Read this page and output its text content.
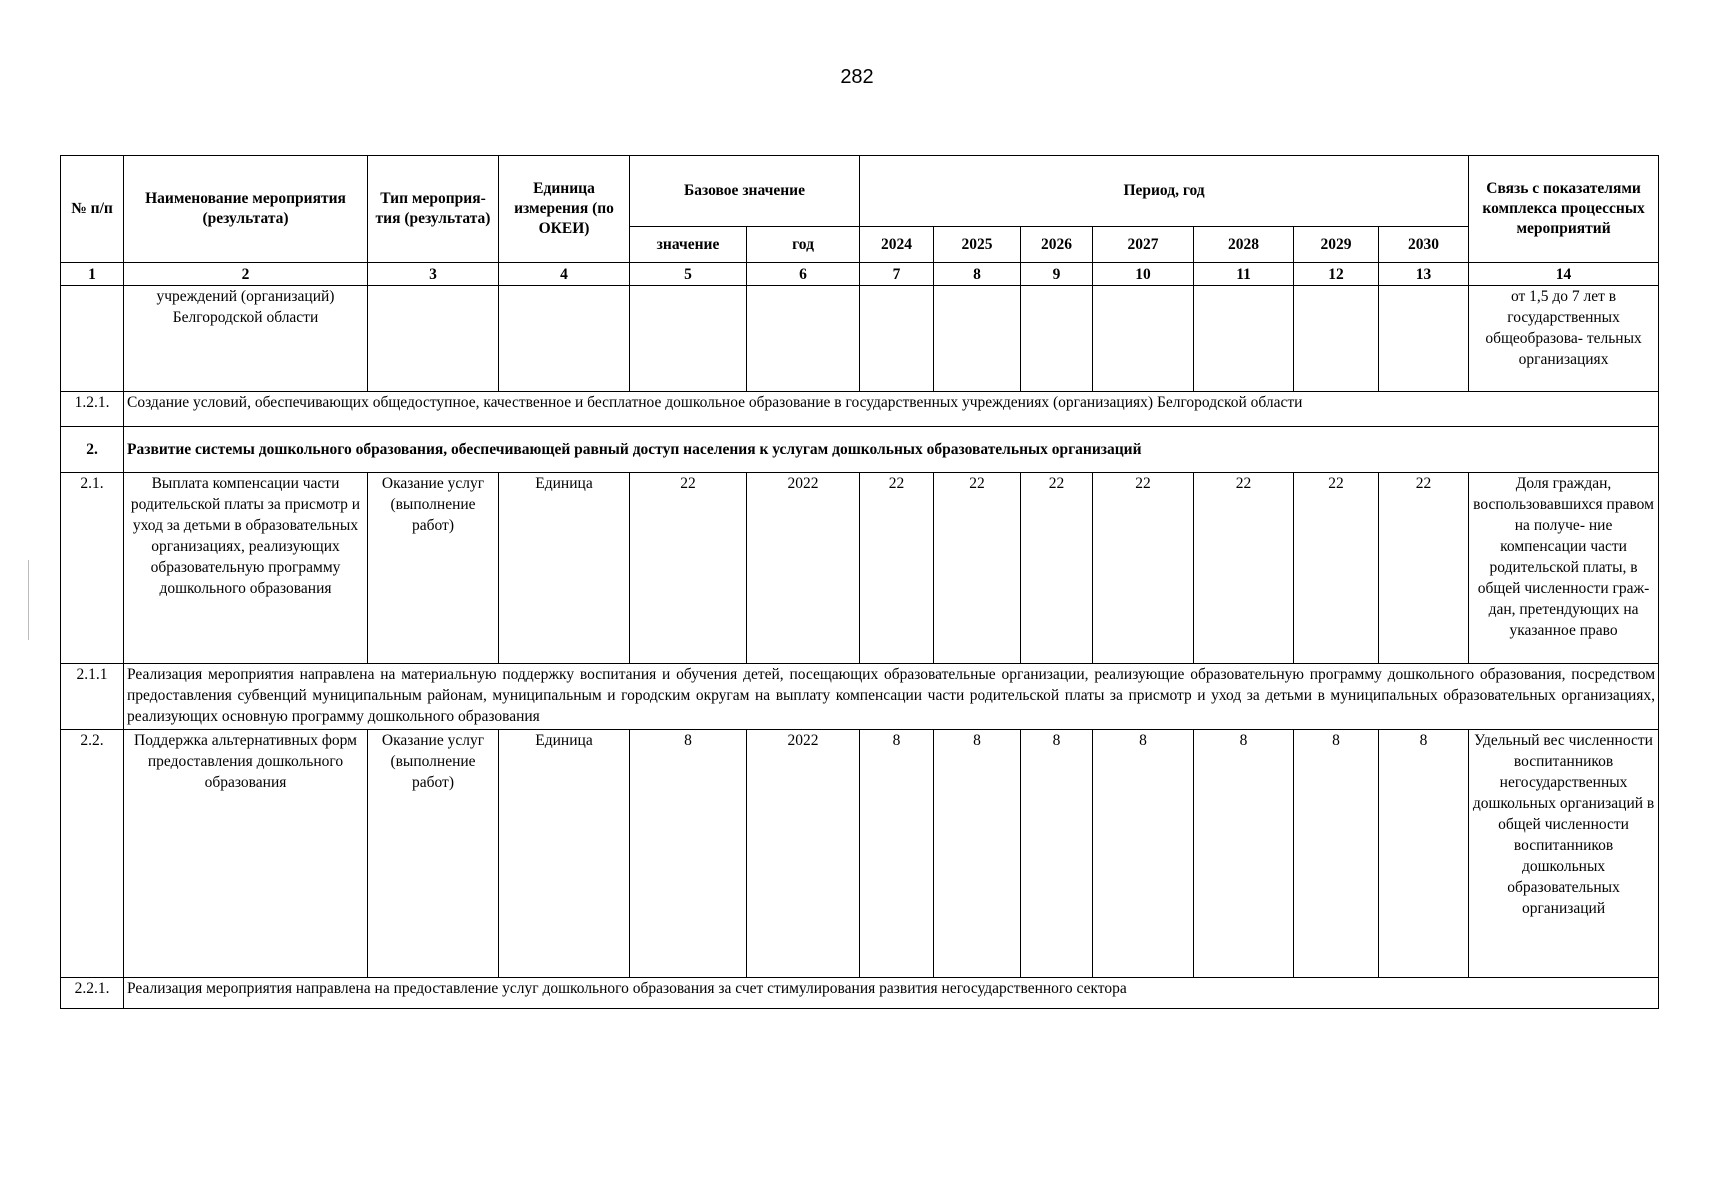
282
№ п/п	Наименование мероприятия (результата)	Тип мероприя- тия (результата)	Единица измерения (по ОКЕИ)	Базовое значение		Период, год							Связь с показателями комплекса процессных мероприятий
				значение	год	2024	2025	2026	2027	2028	2029	2030	
1	2	3	4	5	6	7	8	9	10	11	12	13	14
	учреждений (организаций) Белгородской области												от 1,5 до 7 лет в государственных общеобразова- тельных организациях
1.2.1.	Создание условий, обеспечивающих общедоступное, качественное и бесплатное дошкольное образование в государственных учреждениях (организациях) Белгородской области												
2.	Развитие системы дошкольного образования, обеспечивающей равный доступ населения к услугам дошкольных образовательных организаций												
2.1.	Выплата компенсации части родительской платы за присмотр и уход за детьми в образовательных организациях, реализующих образовательную программу дошкольного образования	Оказание услуг (выполнение работ)	Единица	22	2022	22	22	22	22	22	22	22	Доля граждан, воспользовавшихся правом на получе- ние компенсации части родительской платы, в общей численности граж- дан, претендующих на указанное право
2.1.1	Реализация мероприятия направлена на материальную поддержку воспитания и обучения детей, посещающих образовательные организации, реализующие образовательную программу дошкольного образования, посредством предоставления субвенций муниципальным районам, муниципальным и городским округам на выплату компенсации части родительской платы за присмотр и уход за детьми в муниципальных образовательных организациях, реализующих основную программу дошкольного образования												
2.2.	Поддержка альтернативных форм предоставления дошкольного образования	Оказание услуг (выполнение работ)	Единица	8	2022	8	8	8	8	8	8	8	Удельный вес численности воспитанников негосударственных дошкольных организаций в общей численности воспитанников дошкольных образовательных организаций
2.2.1.	Реализация мероприятия направлена на предоставление услуг дошкольного образования за счет стимулирования развития негосударственного сектора												
